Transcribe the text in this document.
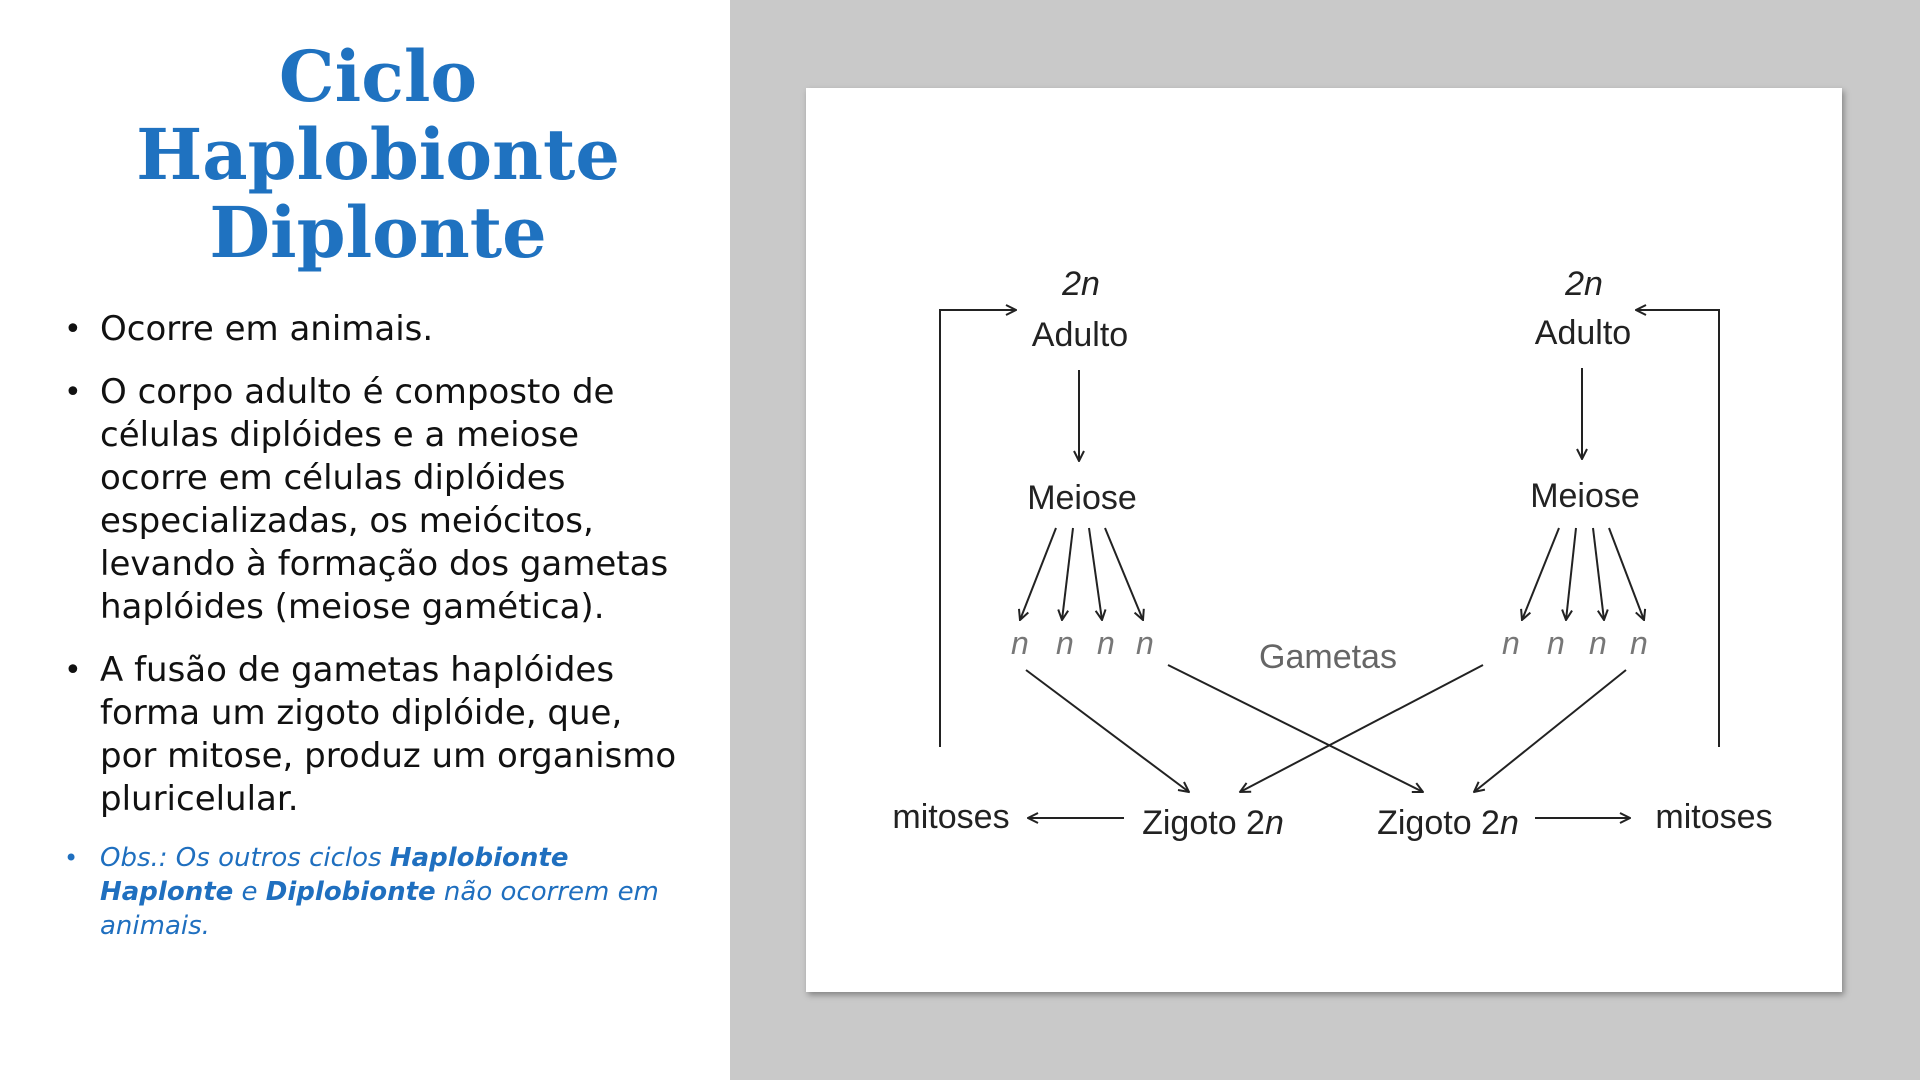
Ciclo
Haplobionte
Diplonte
• Ocorre em animais.
• O corpo adulto é composto de células diplóides e a meiose ocorre em células diplóides especializadas, os meiócitos, levando à formação dos gametas haplóides (meiose gamética).
• A fusão de gametas haplóides forma um zigoto diplóide, que, por mitose, produz um organismo pluricelular.
• Obs.: Os outros ciclos Haplobionte Haplonte e Diplobionte não ocorrem em animais.
2n	2n
Adulto	Adulto
Meiose	Meiose
n n n n	n n n n
Gametas
mitoses	mitoses
Zigoto 2n	Zigoto 2n
